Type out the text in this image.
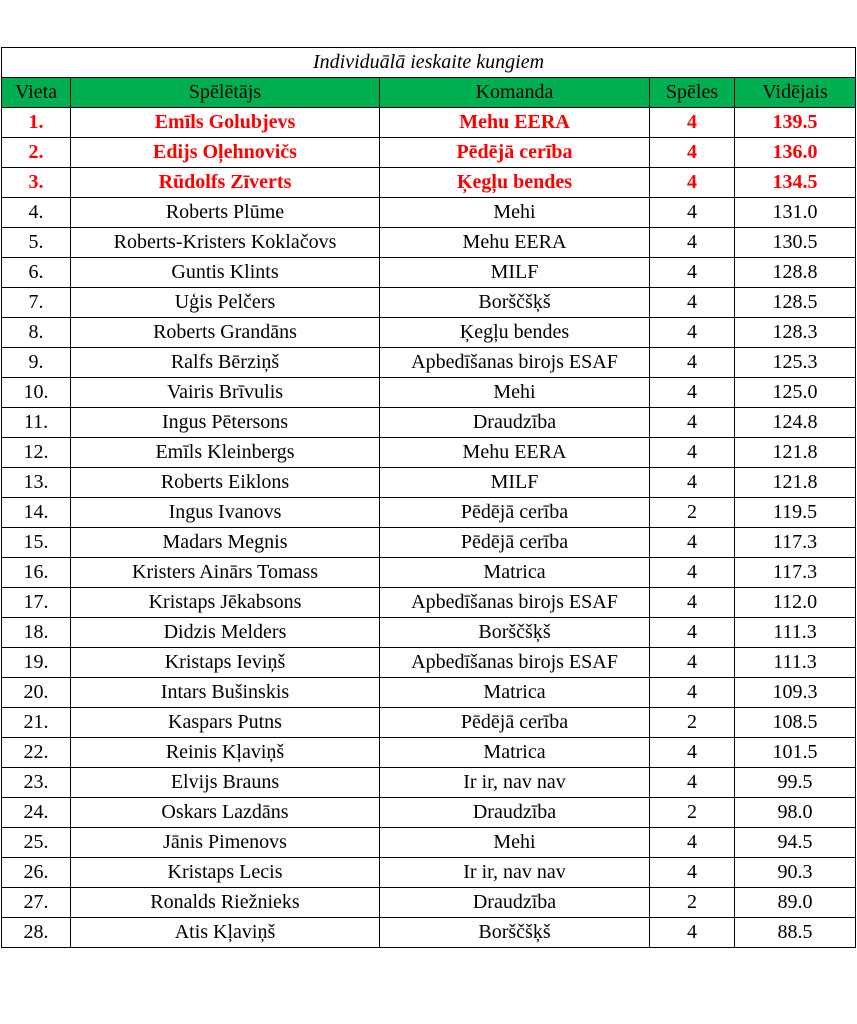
Individuālā ieskaite kungiem				
Vieta	Spēlētājs	Komanda	Spēles	Vidējais
1.	Emīls Golubjevs	Mehu EERA	4	139.5
2.	Edijs Oļehnovičs	Pēdējā cerība	4	136.0
3.	Rūdolfs Zīverts	Ķegļu bendes	4	134.5
4.	Roberts Plūme	Mehi	4	131.0
5.	Roberts-Kristers Koklačovs	Mehu EERA	4	130.5
6.	Guntis Klints	MILF	4	128.8
7.	Uģis Pelčers	Borščšķš	4	128.5
8.	Roberts Grandāns	Ķegļu bendes	4	128.3
9.	Ralfs Bērziņš	Apbedīšanas birojs ESAF	4	125.3
10.	Vairis Brīvulis	Mehi	4	125.0
11.	Ingus Pētersons	Draudzība	4	124.8
12.	Emīls Kleinbergs	Mehu EERA	4	121.8
13.	Roberts Eiklons	MILF	4	121.8
14.	Ingus Ivanovs	Pēdējā cerība	2	119.5
15.	Madars Megnis	Pēdējā cerība	4	117.3
16.	Kristers Ainārs Tomass	Matrica	4	117.3
17.	Kristaps Jēkabsons	Apbedīšanas birojs ESAF	4	112.0
18.	Didzis Melders	Borščšķš	4	111.3
19.	Kristaps Ieviņš	Apbedīšanas birojs ESAF	4	111.3
20.	Intars Bušinskis	Matrica	4	109.3
21.	Kaspars Putns	Pēdējā cerība	2	108.5
22.	Reinis Kļaviņš	Matrica	4	101.5
23.	Elvijs Brauns	Ir ir, nav nav	4	99.5
24.	Oskars Lazdāns	Draudzība	2	98.0
25.	Jānis Pimenovs	Mehi	4	94.5
26.	Kristaps Lecis	Ir ir, nav nav	4	90.3
27.	Ronalds Riežnieks	Draudzība	2	89.0
28.	Atis Kļaviņš	Borščšķš	4	88.5
